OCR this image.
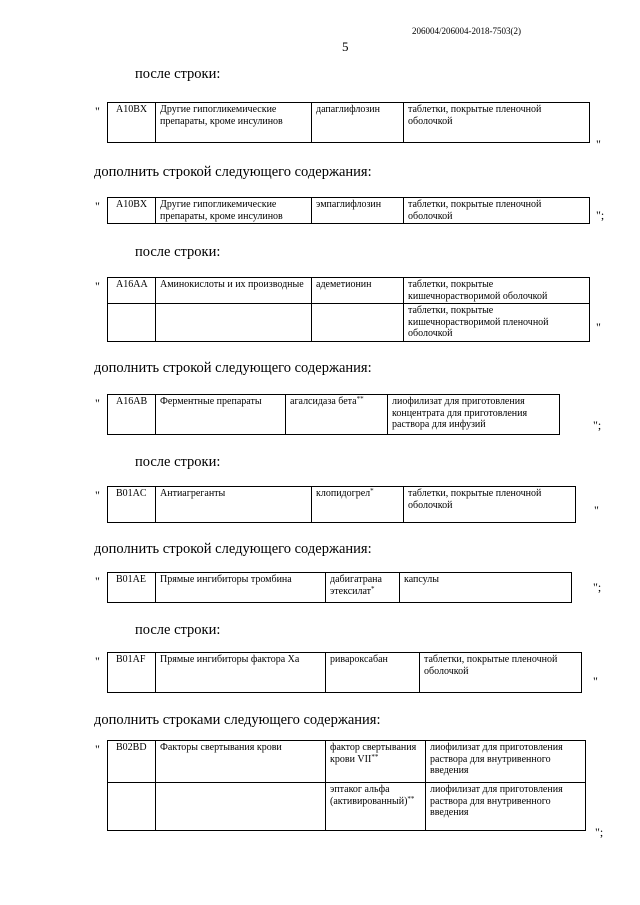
206004/206004-2018-7503(2)
5
после строки:
" A10BX	Другие гипогликемические препараты, кроме инсулинов	дапаглифлозин	таблетки, покрытые пленочной оболочкой
"
дополнить строкой следующего содержания:
" A10BX	Другие гипогликемические препараты, кроме инсулинов	эмпаглифлозин	таблетки, покрытые пленочной оболочкой	";
после строки:
" A16AA	Аминокислоты и их производные	адеметионин	таблетки, покрытые кишечнорастворимой оболочкой
			таблетки, покрытые кишечнорастворимой пленочной оболочкой	"
дополнить строкой следующего содержания:
" A16AB	Ферментные препараты	агалсидаза бета**	лиофилизат для приготовления концентрата для приготовления раствора для инфузий	";
после строки:
" B01AC	Антиагреганты	клопидогрел*	таблетки, покрытые пленочной оболочкой	"
дополнить строкой следующего содержания:
" B01AE	Прямые ингибиторы тромбина	дабигатрана этексилат*	капсулы
";
после строки:
" B01AF	Прямые ингибиторы фактора Xa	ривароксабан	таблетки, покрытые пленочной оболочкой
"
дополнить строками следующего содержания:
" B02BD	Факторы свертывания крови	фактор свертывания крови VII**	лиофилизат для приготовления раствора для внутривенного введения
		эптаког альфа (активированный)**	лиофилизат для приготовления раствора для внутривенного введения
";
